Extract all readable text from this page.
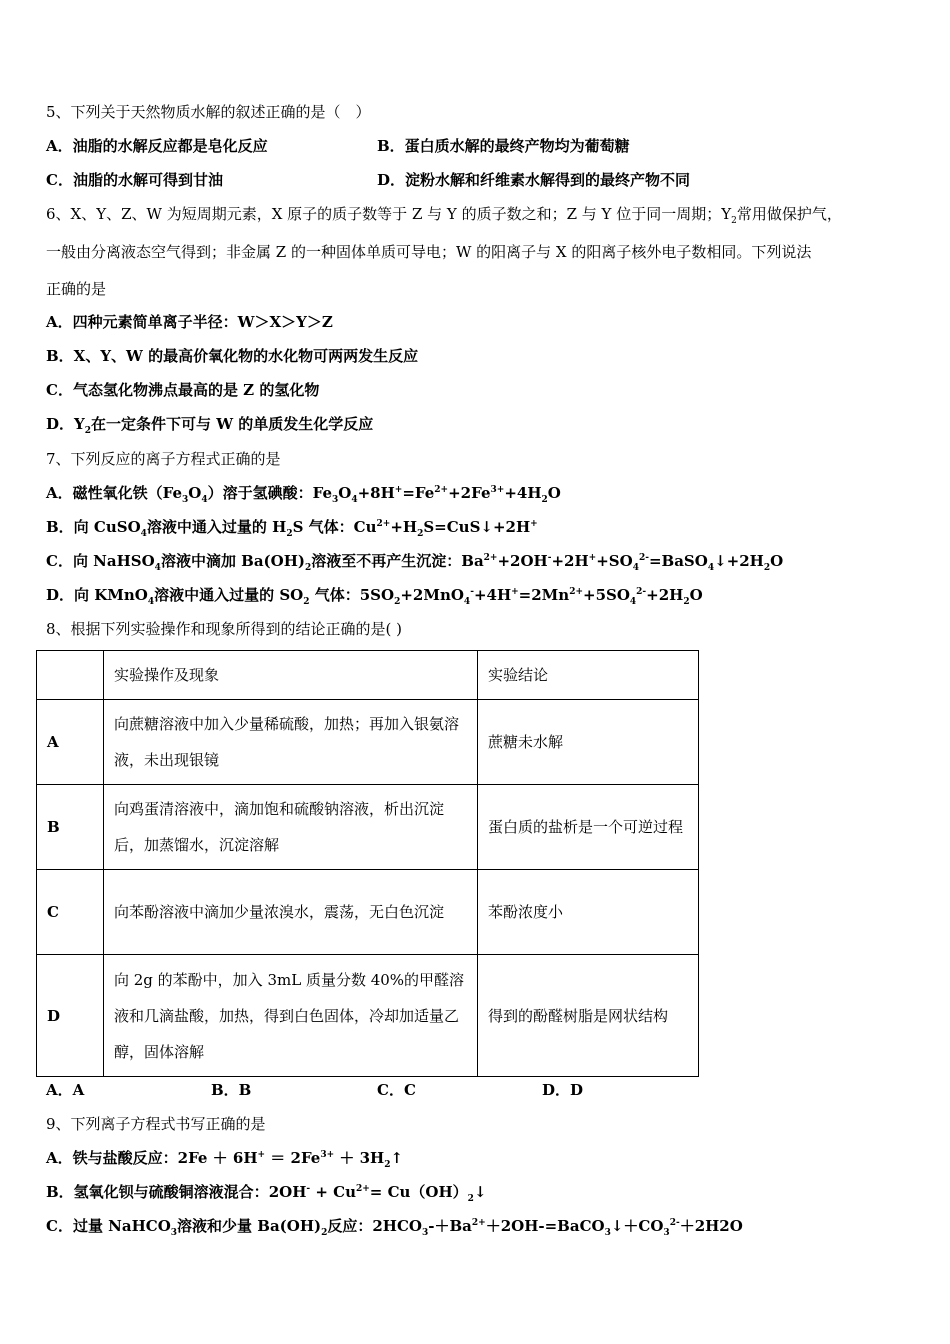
5、下列关于天然物质水解的叙述正确的是（　）
A．油脂的水解反应都是皂化反应	B．蛋白质水解的最终产物均为葡萄糖
C．油脂的水解可得到甘油	D．淀粉水解和纤维素水解得到的最终产物不同
6、X、Y、Z、W 为短周期元素，X 原子的质子数等于 Z 与 Y 的质子数之和；Z 与 Y 位于同一周期；$Y_2$常用做保护气，
一般由分离液态空气得到；非金属 Z 的一种固体单质可导电；W 的阳离子与 X 的阳离子核外电子数相同。下列说法
正确的是
A．四种元素简单离子半径：W＞X＞Y＞Z
B．X、Y、W 的最高价氧化物的水化物可两两发生反应
C．气态氢化物沸点最高的是 Z 的氢化物
D．$Y_2$在一定条件下可与 W 的单质发生化学反应
7、下列反应的离子方程式正确的是
A．磁性氧化铁$(Fe_3O_4)$溶于氢碘酸：$Fe_3O_4+8H^+=Fe^{2+}+2Fe^{3+}+4H_2O$
B．向 CuSO$_4$溶液中通入过量的 $H_2S$ 气体：$Cu^{2+}+H_2S=CuS↓+2H^+$
C．向 NaHSO$_4$溶液中滴加 $Ba(OH)_2$溶液至不再产生沉淀：$Ba^{2+}+2OH^-+2H^++SO_4^{2-}=BaSO_4↓+2H_2O$
D．向 KMnO$_4$溶液中通入过量的 $SO_2$ 气体：$5SO_2+2MnO_4^-+4H^+=2Mn^{2+}+5SO_4^{2-}+2H_2O$
8、根据下列实验操作和现象所得到的结论正确的是( )
	实验操作及现象	实验结论
A	向蔗糖溶液中加入少量稀硫酸，加热；再加入银氨溶液，未出现银镜	蔗糖未水解
B	向鸡蛋清溶液中，滴加饱和硫酸钠溶液，析出沉淀后，加蒸馏水，沉淀溶解	蛋白质的盐析是一个可逆过程
C	向苯酚溶液中滴加少量浓溴水，震荡，无白色沉淀	苯酚浓度小
D	向 2g 的苯酚中，加入 3mL 质量分数 40%的甲醛溶液和几滴盐酸，加热，得到白色固体，冷却加适量乙醇，固体溶解	得到的酚醛树脂是网状结构
A．A	B．B	C．C	D．D
9、下列离子方程式书写正确的是
A．铁与盐酸反应：$2Fe + 6H^+ = 2Fe^{3+}$ ＋ $3H_2↑$
B．氢氧化钡与硫酸铜溶液混合：$2OH^- + Cu^{2+}=$ $Cu(OH)_2↓$
C．过量 NaHCO$_3$溶液和少量 $Ba(OH)_2$反应：$2HCO_3-+Ba^{2+}+2OH-=BaCO_3↓+CO_3^{2-}+2H2O$
